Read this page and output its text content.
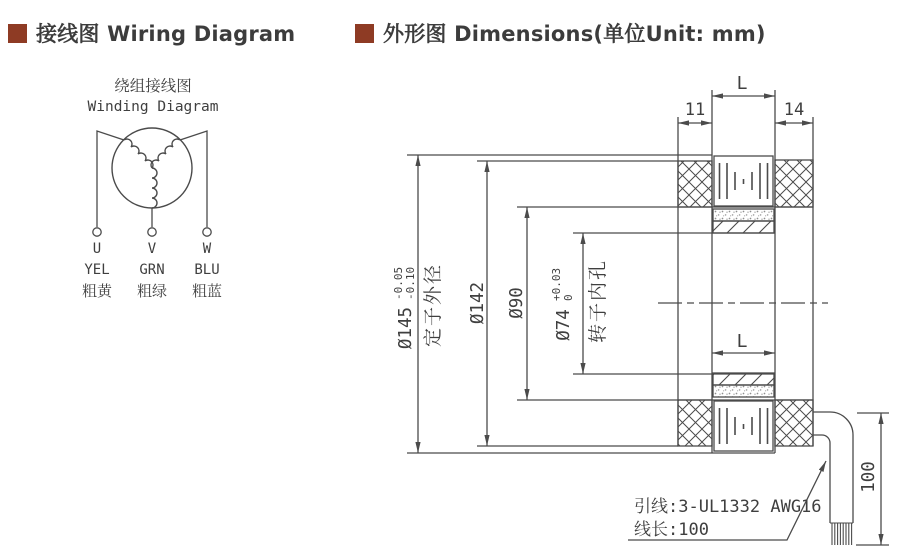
接线图 Wiring Diagram	外形图 Dimensions(单位Unit: mm)
绕组接线图
Winding Diagram
U	V	W
YEL GRN BLU
粗黄 粗绿 粗蓝
L
11	14
L
Ø145
-0.05 -0.10 定子外径 Ø142 Ø90
Ø74
+0.03 0 转子内孔
100
引线:3-UL1332 AWG16
线长:100
